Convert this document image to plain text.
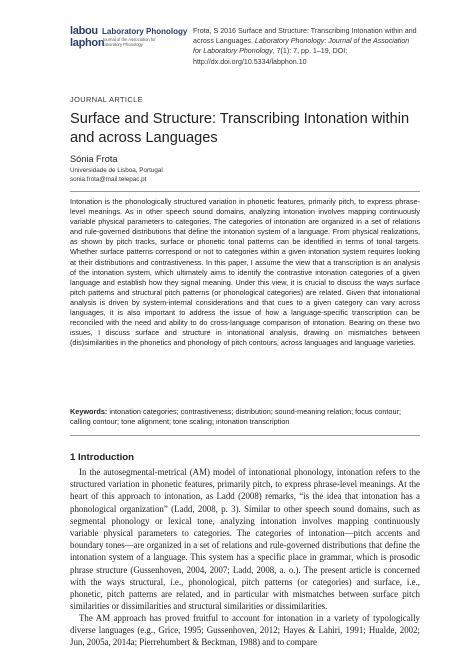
labou
laphon
Laboratory Phonology
Journal of the Association for Laboratory Phonology
Frota, S 2016 Surface and Structure: Transcribing Intonation within and across Languages. Laboratory Phonology: Journal of the Association for Laboratory Phonology, 7(1): 7, pp. 1–19, DOI: http://dx.doi.org/10.5334/labphon.10
JOURNAL ARTICLE
Surface and Structure: Transcribing Intonation within and across Languages
Sónia Frota
Universidade de Lisboa, Portugal
sonia.frota@mail.telepac.pt

Intonation is the phonologically structured variation in phonetic features, primarily pitch, to express phrase-level meanings. As in other speech sound domains, analyzing intonation involves mapping continuously variable physical parameters to categories. The categories of intonation are organized in a set of relations and rule-governed distributions that define the intonation system of a language. From physical realizations, as shown by pitch tracks, surface or phonetic tonal patterns can be identified in terms of tonal targets. Whether surface patterns correspond or not to categories within a given intonation system requires looking at their distributions and contrastiveness. In this paper, I assume the view that a transcription is an analysis of the intonation system, which ultimately aims to identify the contrastive intonation categories of a given language and establish how they signal meaning. Under this view, it is crucial to discuss the ways surface pitch patterns and structural pitch patterns (or phonological categories) are related. Given that intonational analysis is driven by system-internal considerations and that cues to a given category can vary across languages, it is also important to address the issue of how a language-specific transcription can be reconciled with the need and ability to do cross-language comparison of intonation. Bearing on these two issues, I discuss surface and structure in intonational analysis, drawing on mismatches between (dis)similarities in the phonetics and phonology of pitch contours, across languages and language varieties.

Keywords: intonation categories; contrastiveness; distribution; sound-meaning relation; focus contour; calling contour; tone alignment; tone scaling; intonation transcription

1 Introduction

In the autosegmental-metrical (AM) model of intonational phonology, intonation refers to the structured variation in phonetic features, primarily pitch, to express phrase-level meanings. At the heart of this approach to intonation, as Ladd (2008) remarks, “is the idea that intonation has a phonological organization” (Ladd, 2008, p. 3). Similar to other speech sound domains, such as segmental phonology or lexical tone, analyzing intonation involves mapping continuously variable physical parameters to categories. The categories of intonation—pitch accents and boundary tones—are organized in a set of relations and rule-governed distributions that define the intonation system of a language. This system has a specific place in grammar, which is prosodic phrase structure (Gussenhoven, 2004, 2007; Ladd, 2008, a. o.). The present article is concerned with the ways structural, i.e., phonological, pitch patterns (or categories) and surface, i.e., phonetic, pitch patterns are related, and in particular with mismatches between surface pitch similarities or dissimilarities and structural similarities or dissimilarities.

The AM approach has proved fruitful to account for intonation in a variety of typologically diverse languages (e.g., Grice, 1995; Gussenhoven, 2012; Hayes & Lahiri, 1991; Hualde, 2002; Jun, 2005a, 2014a; Pierrehumbert & Beckman, 1988) and to compare
